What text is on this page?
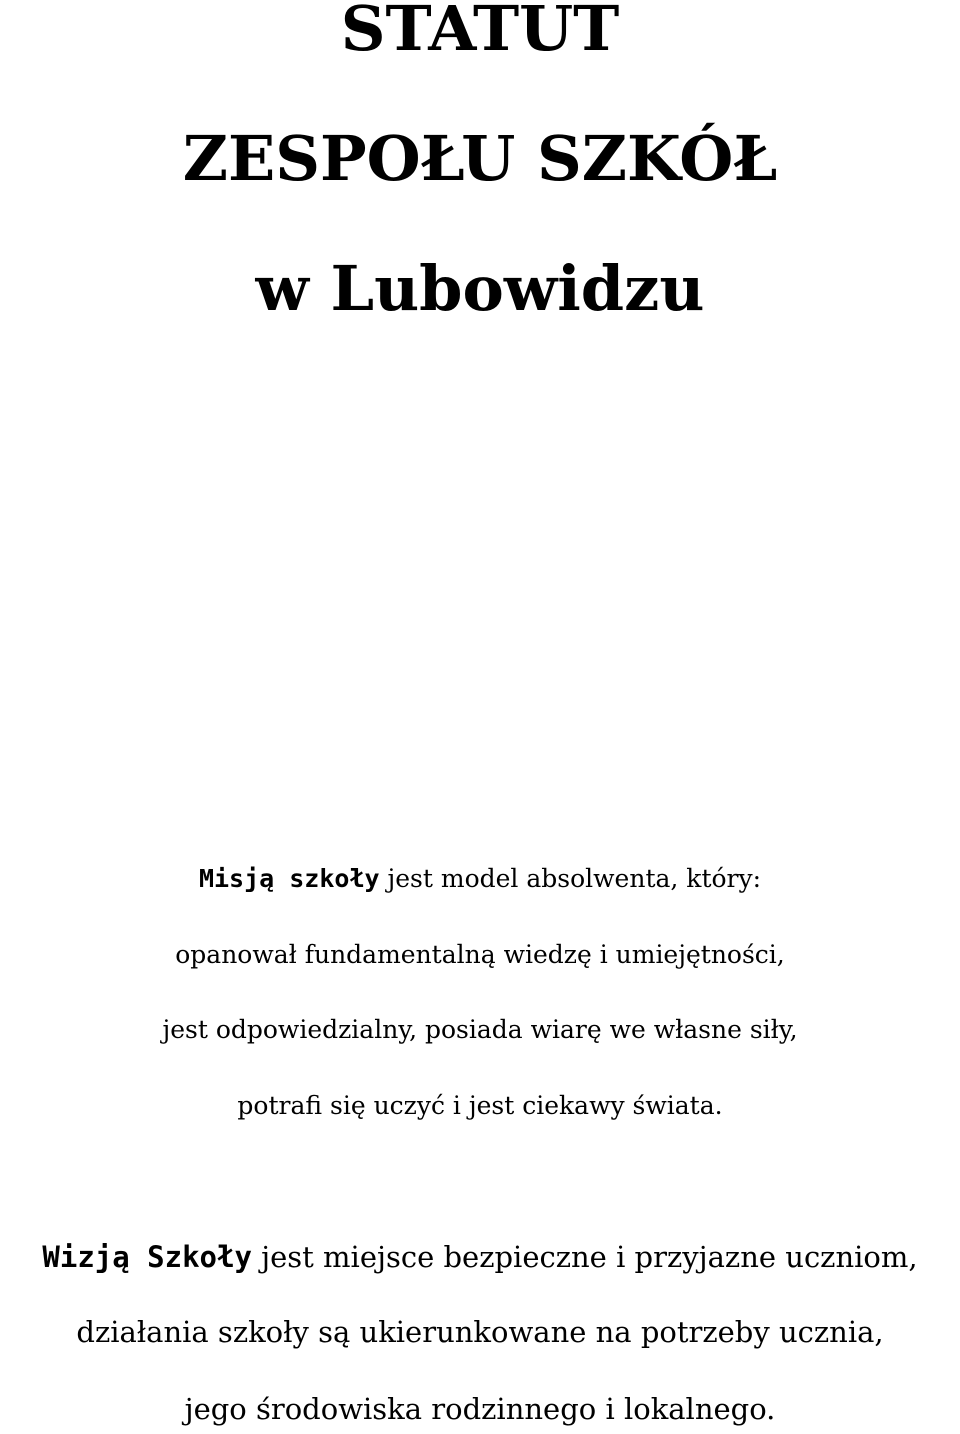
STATUT
ZESPOŁU SZKÓŁ
w Lubowidzu
Misją szkoły jest model absolwenta, który:
opanował fundamentalną wiedzę i umiejętności,
jest odpowiedzialny, posiada wiarę we własne siły,
potrafi się uczyć i jest ciekawy świata.
Wizją Szkoły jest miejsce bezpieczne i przyjazne uczniom,
działania szkoły są ukierunkowane na potrzeby ucznia,
jego środowiska rodzinnego i lokalnego.
